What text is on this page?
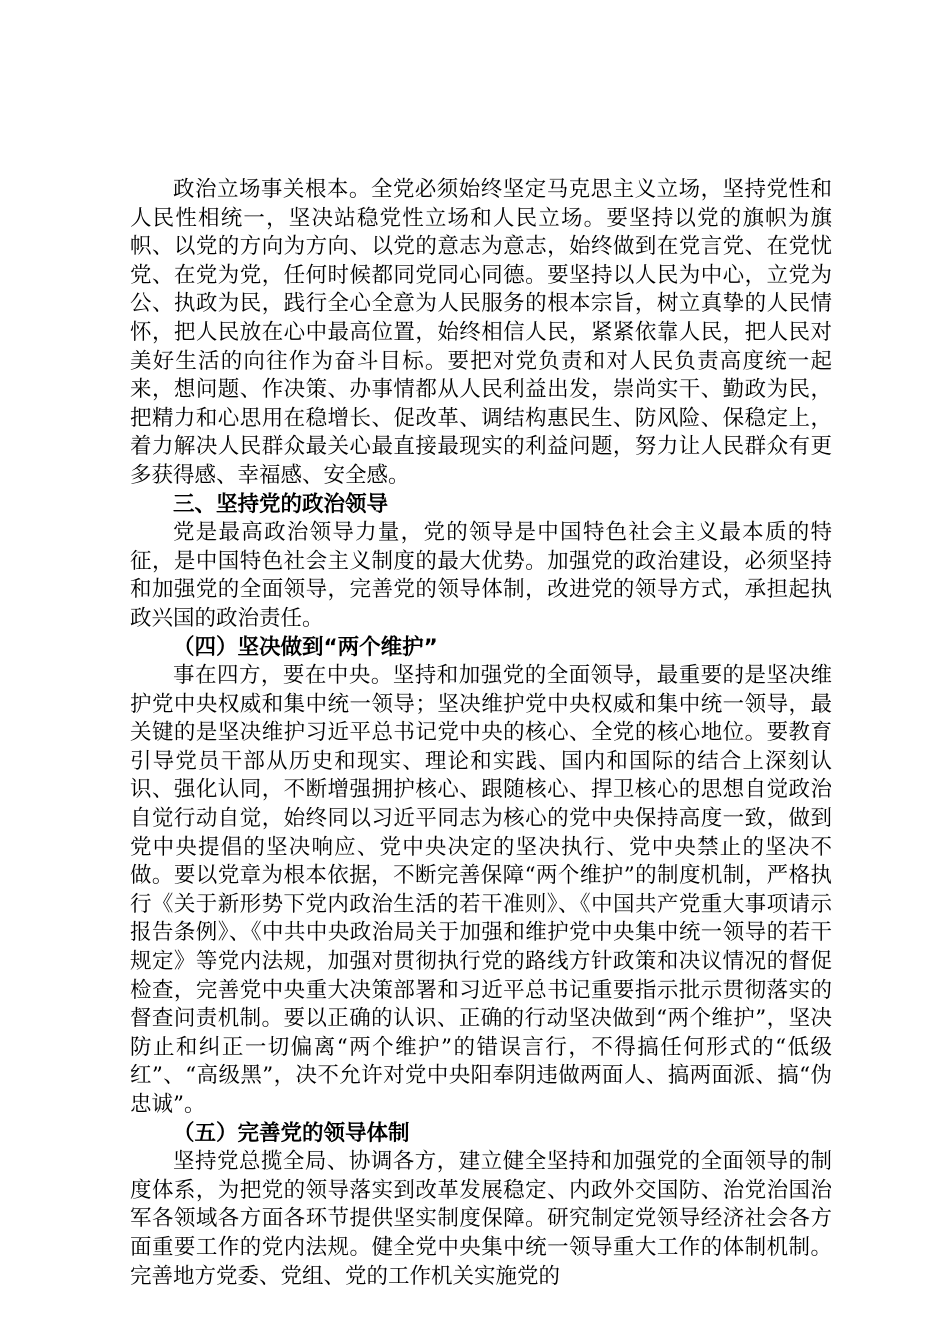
政治立场事关根本。全党必须始终坚定马克思主义立场，坚持党性和人民性相统一，坚决站稳党性立场和人民立场。要坚持以党的旗帜为旗帜、以党的方向为方向、以党的意志为意志，始终做到在党言党、在党忧党、在党为党，任何时候都同党同心同德。要坚持以人民为中心，立党为公、执政为民，践行全心全意为人民服务的根本宗旨，树立真挚的人民情怀，把人民放在心中最高位置，始终相信人民，紧紧依靠人民，把人民对美好生活的向往作为奋斗目标。要把对党负责和对人民负责高度统一起来，想问题、作决策、办事情都从人民利益出发，崇尚实干、勤政为民，把精力和心思用在稳增长、促改革、调结构惠民生、防风险、保稳定上，着力解决人民群众最关心最直接最现实的利益问题，努力让人民群众有更多获得感、幸福感、安全感。

三、坚持党的政治领导

党是最高政治领导力量，党的领导是中国特色社会主义最本质的特征，是中国特色社会主义制度的最大优势。加强党的政治建设，必须坚持和加强党的全面领导，完善党的领导体制，改进党的领导方式，承担起执政兴国的政治责任。

（四）坚决做到“两个维护”

事在四方，要在中央。坚持和加强党的全面领导，最重要的是坚决维护党中央权威和集中统一领导；坚决维护党中央权威和集中统一领导，最关键的是坚决维护习近平总书记党中央的核心、全党的核心地位。要教育引导党员干部从历史和现实、理论和实践、国内和国际的结合上深刻认识、强化认同，不断增强拥护核心、跟随核心、捍卫核心的思想自觉政治自觉行动自觉，始终同以习近平同志为核心的党中央保持高度一致，做到党中央提倡的坚决响应、党中央决定的坚决执行、党中央禁止的坚决不做。要以党章为根本依据，不断完善保障“两个维护”的制度机制，严格执行《关于新形势下党内政治生活的若干准则》、《中国共产党重大事项请示报告条例》、《中共中央政治局关于加强和维护党中央集中统一领导的若干规定》等党内法规，加强对贯彻执行党的路线方针政策和决议情况的督促检查，完善党中央重大决策部署和习近平总书记重要指示批示贯彻落实的督查问责机制。要以正确的认识、正确的行动坚决做到“两个维护”，坚决防止和纠正一切偏离“两个维护”的错误言行，不得搞任何形式的“低级红”、“高级黑”，决不允许对党中央阳奉阴违做两面人、搞两面派、搞“伪忠诚”。

（五）完善党的领导体制

坚持党总揽全局、协调各方，建立健全坚持和加强党的全面领导的制度体系，为把党的领导落实到改革发展稳定、内政外交国防、治党治国治军各领域各方面各环节提供坚实制度保障。研究制定党领导经济社会各方面重要工作的党内法规。健全党中央集中统一领导重大工作的体制机制。完善地方党委、党组、党的工作机关实施党的
